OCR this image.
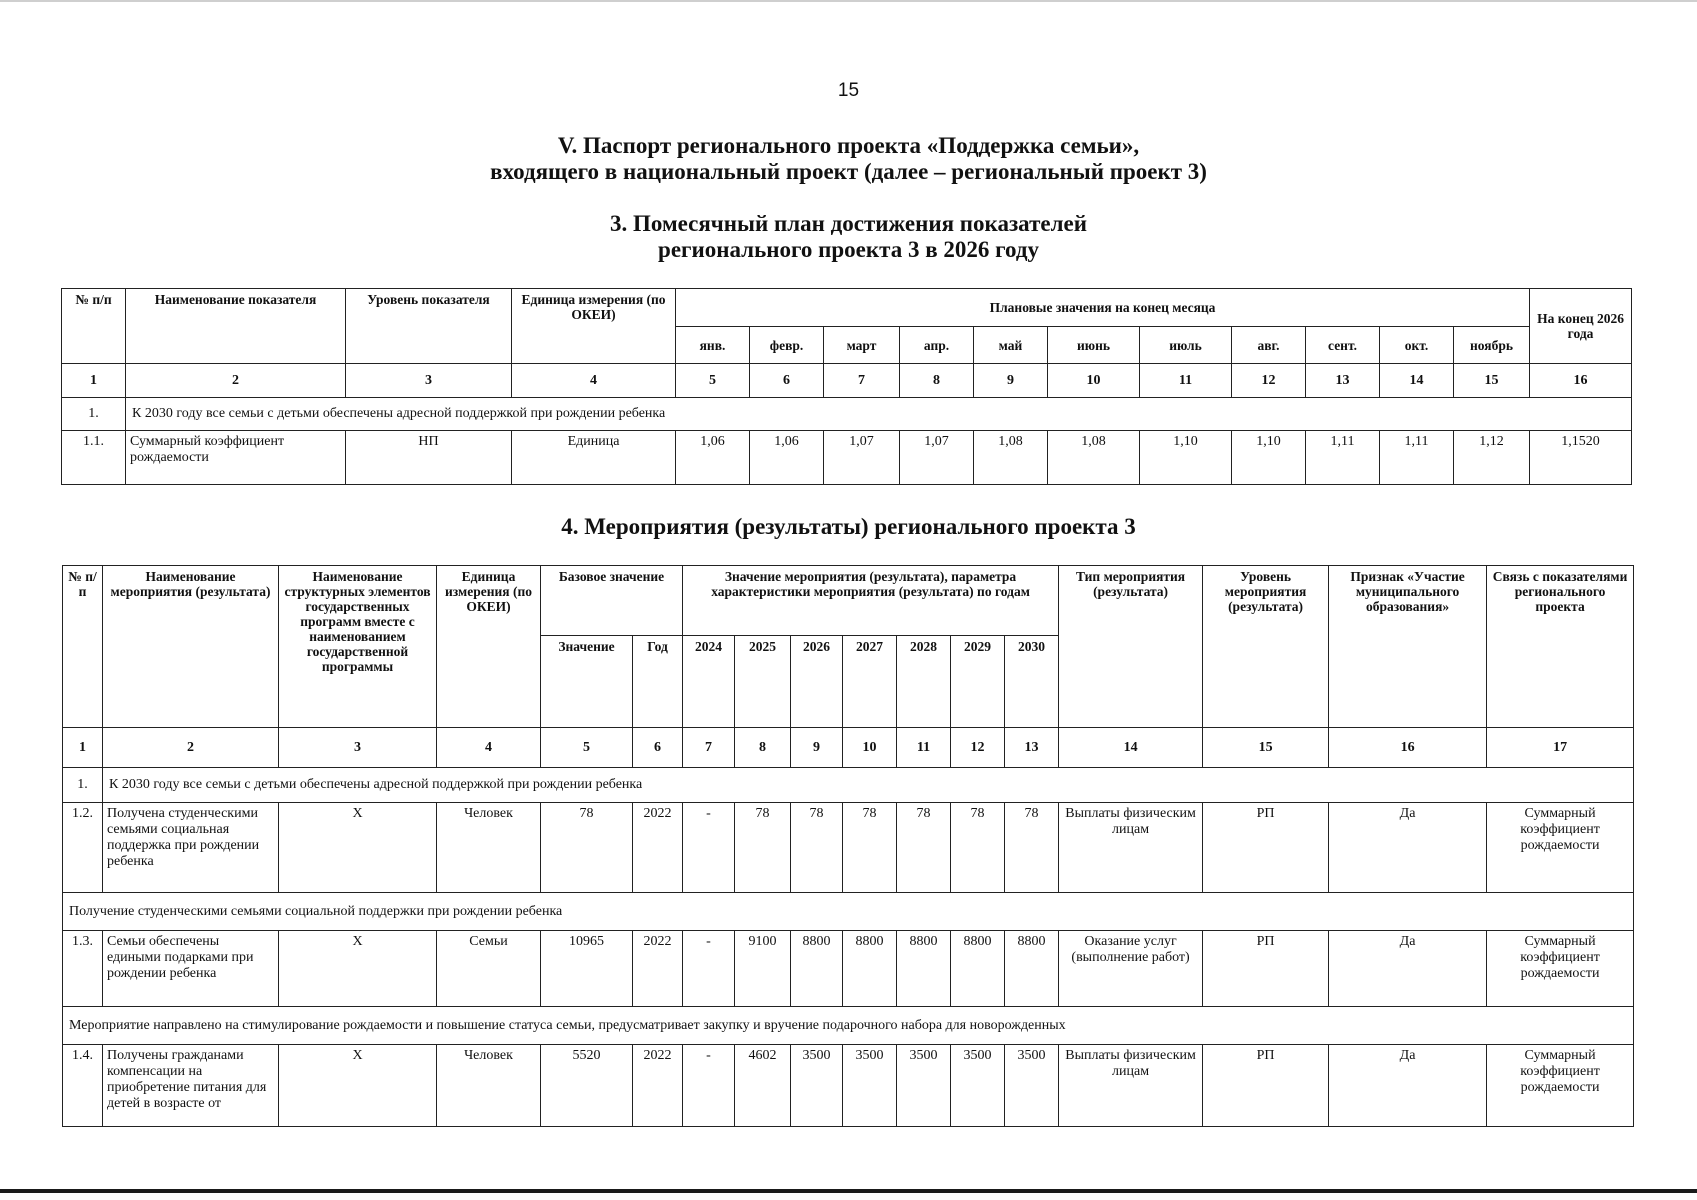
15
V. Паспорт регионального проекта «Поддержка семьи»,
входящего в национальный проект (далее – региональный проект 3)
3. Помесячный план достижения показателей
регионального проекта 3 в 2026 году
№ п/п	Наименование показателя	Уровень показателя	Единица измерения (по ОКЕИ)	Плановые значения на конец месяца											На конец 2026 года
				янв.	февр.	март	апр.	май	июнь	июль	авг.	сент.	окт.	ноябрь	
1	2	3	4	5	6	7	8	9	10	11	12	13	14	15	16
1.	К 2030 году все семьи с детьми обеспечены адресной поддержкой при рождении ребенка														
1.1.	Суммарный коэффициент рождаемости	НП	Единица	1,06	1,06	1,07	1,07	1,08	1,08	1,10	1,10	1,11	1,11	1,12	1,1520
4. Мероприятия (результаты) регионального проекта 3
№ п/п	Наименование мероприятия (результата)	Наименование структурных элементов государственных программ вместе с наименованием государственной программы	Единица измерения (по ОКЕИ)	Базовое значение		Значение мероприятия (результата), параметра характеристики мероприятия (результата) по годам							Тип мероприятия (результата)	Уровень мероприятия (результата)	Признак «Участие муниципального образования»	Связь с показателями регионального проекта
				Значение	Год	2024	2025	2026	2027	2028	2029	2030				
1	2	3	4	5	6	7	8	9	10	11	12	13	14	15	16	17
1.	К 2030 году все семьи с детьми обеспечены адресной поддержкой при рождении ребенка															
1.2.	Получена студенческими семьями социальная поддержка при рождении ребенка	Х	Человек	78	2022	-	78	78	78	78	78	78	Выплаты физическим лицам	РП	Да	Суммарный коэффициент рождаемости
Получение студенческими семьями социальной поддержки при рождении ребенка																
1.3.	Семьи обеспечены едиными подарками при рождении ребенка	Х	Семьи	10965	2022	-	9100	8800	8800	8800	8800	8800	Оказание услуг (выполнение работ)	РП	Да	Суммарный коэффициент рождаемости
Мероприятие направлено на стимулирование рождаемости и повышение статуса семьи, предусматривает закупку и вручение подарочного набора для новорожденных																
1.4.	Получены гражданами компенсации на приобретение питания для детей в возрасте от	Х	Человек	5520	2022	-	4602	3500	3500	3500	3500	3500	Выплаты физическим лицам	РП	Да	Суммарный коэффициент рождаемости
